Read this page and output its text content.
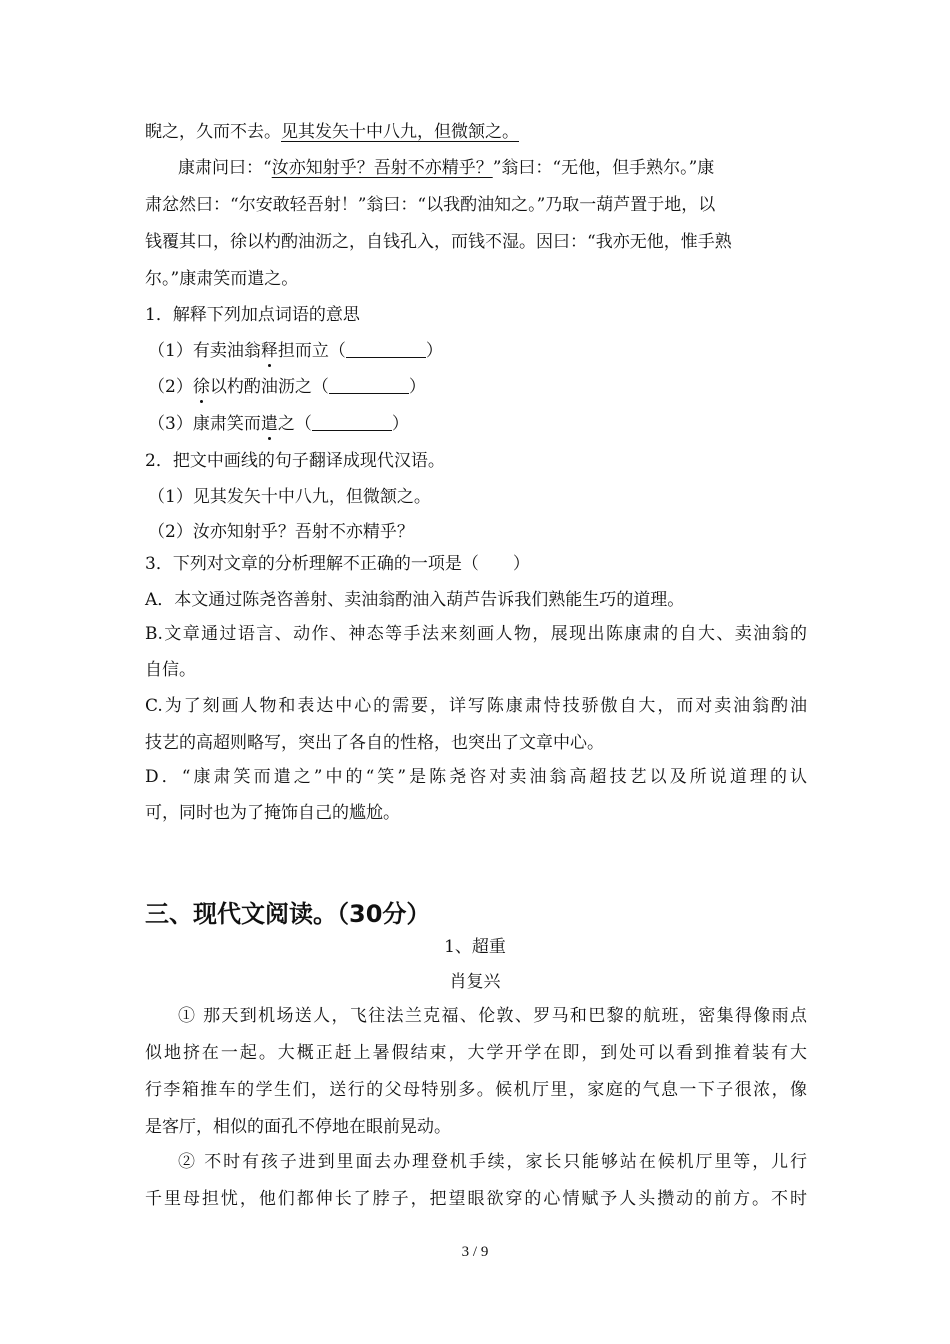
睨之，久而不去。见其发矢十中八九，但微颔之。
康肃问曰：“汝亦知射乎？吾射不亦精乎？”翁曰：“无他，但手熟尔。”康
肃忿然曰：“尔安敢轻吾射！”翁曰：“以我酌油知之。”乃取一葫芦置于地，以
钱覆其口，徐以杓酌油沥之，自钱孔入，而钱不湿。因曰：“我亦无他，惟手熟
尔。”康肃笑而遣之。
1．解释下列加点词语的意思
（1）有卖油翁释担而立（	）
（2）徐以杓酌油沥之（	）
（3）康肃笑而遣之（	）
2．把文中画线的句子翻译成现代汉语。
（1）见其发矢十中八九，但微颔之。
（2）汝亦知射乎？吾射不亦精乎？
3．下列对文章的分析理解不正确的一项是（　　）
A．本文通过陈尧咨善射、卖油翁酌油入葫芦告诉我们熟能生巧的道理。
B.文章通过语言、动作、神态等手法来刻画人物，展现出陈康肃的自大、卖油翁的
自信。
C.为了刻画人物和表达中心的需要，详写陈康肃恃技骄傲自大，而对卖油翁酌油
技艺的高超则略写，突出了各自的性格，也突出了文章中心。
D．“康肃笑而遣之”中的“笑”是陈尧咨对卖油翁高超技艺以及所说道理的认
可，同时也为了掩饰自己的尴尬。
三、现代文阅读。（30分）
1、超重
肖复兴
① 那天到机场送人，飞往法兰克福、伦敦、罗马和巴黎的航班，密集得像雨点
似地挤在一起。大概正赶上暑假结束，大学开学在即，到处可以看到推着装有大
行李箱推车的学生们，送行的父母特别多。候机厅里，家庭的气息一下子很浓，像
是客厅，相似的面孔不停地在眼前晃动。
② 不时有孩子进到里面去办理登机手续，家长只能够站在候机厅里等，儿行
千里母担忧，他们都伸长了脖子，把望眼欲穿的心情赋予人头攒动的前方。不时
3 / 9
